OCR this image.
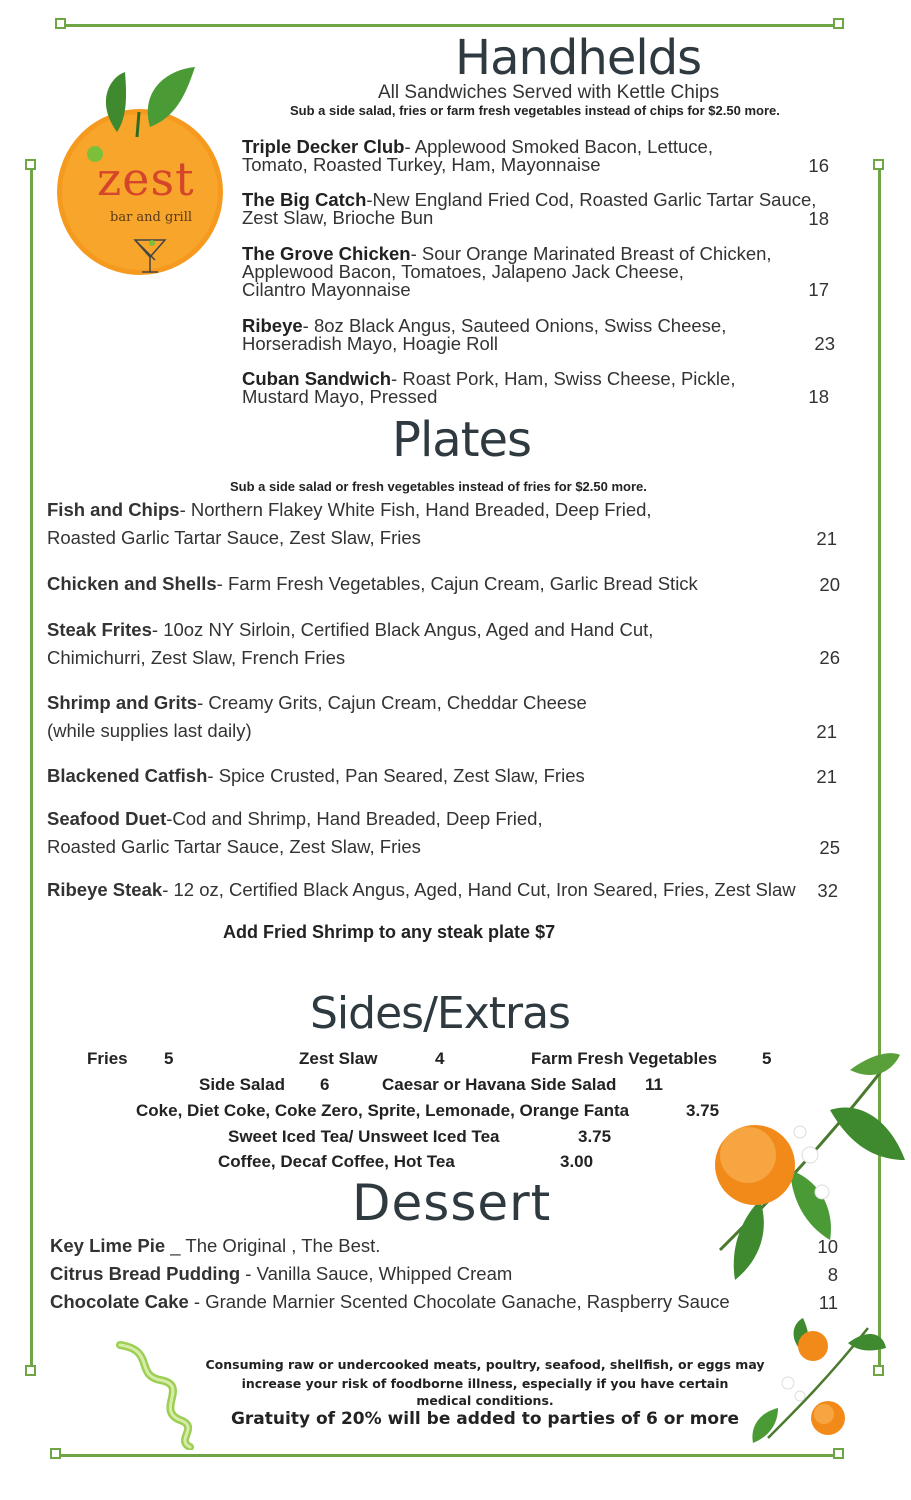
zest
bar and grill
Handhelds
All Sandwiches Served with Kettle Chips
Sub a side salad, fries or farm fresh vegetables instead of chips for $2.50 more.
Triple Decker Club- Applewood Smoked Bacon, Lettuce,
Tomato, Roasted Turkey, Ham, Mayonnaise	16
The Big Catch-New England Fried Cod, Roasted Garlic Tartar Sauce,
Zest Slaw, Brioche Bun	18
The Grove Chicken- Sour Orange Marinated Breast of Chicken,
Applewood Bacon, Tomatoes, Jalapeno Jack Cheese,
Cilantro Mayonnaise	17
Ribeye- 8oz Black Angus, Sauteed Onions, Swiss Cheese,
Horseradish Mayo, Hoagie Roll	23
Cuban Sandwich- Roast Pork, Ham, Swiss Cheese, Pickle,
Mustard Mayo, Pressed	18
Plates
Sub a side salad or fresh vegetables instead of fries for $2.50 more.
Fish and Chips- Northern Flakey White Fish, Hand Breaded, Deep Fried,
Roasted Garlic Tartar Sauce, Zest Slaw, Fries	21
Chicken and Shells- Farm Fresh Vegetables, Cajun Cream, Garlic Bread Stick	20
Steak Frites- 10oz NY Sirloin, Certified Black Angus, Aged and Hand Cut,
Chimichurri, Zest Slaw, French Fries	26
Shrimp and Grits- Creamy Grits, Cajun Cream, Cheddar Cheese
(while supplies last daily)	21
Blackened Catfish- Spice Crusted, Pan Seared, Zest Slaw, Fries	21
Seafood Duet-Cod and Shrimp, Hand Breaded, Deep Fried,
Roasted Garlic Tartar Sauce, Zest Slaw, Fries	25
Ribeye Steak- 12 oz, Certified Black Angus, Aged, Hand Cut, Iron Seared, Fries, Zest Slaw	32
Add Fried Shrimp to any steak plate $7
Sides/Extras
Fries 5	Zest Slaw	4	Farm Fresh Vegetables	5
Side Salad 6	Caesar or Havana Side Salad 11
Coke, Diet Coke, Coke Zero, Sprite, Lemonade, Orange Fanta	3.75
Sweet Iced Tea/ Unsweet Iced Tea	3.75
Coffee, Decaf Coffee, Hot Tea	3.00
Dessert
Key Lime Pie _ The Original , The Best.	10
Citrus Bread Pudding - Vanilla Sauce, Whipped Cream	8
Chocolate Cake - Grande Marnier Scented Chocolate Ganache, Raspberry Sauce	11
Consuming raw or undercooked meats, poultry, seafood, shellfish, or eggs may
increase your risk of foodborne illness, especially if you have certain
medical conditions.
Gratuity of 20% will be added to parties of 6 or more
